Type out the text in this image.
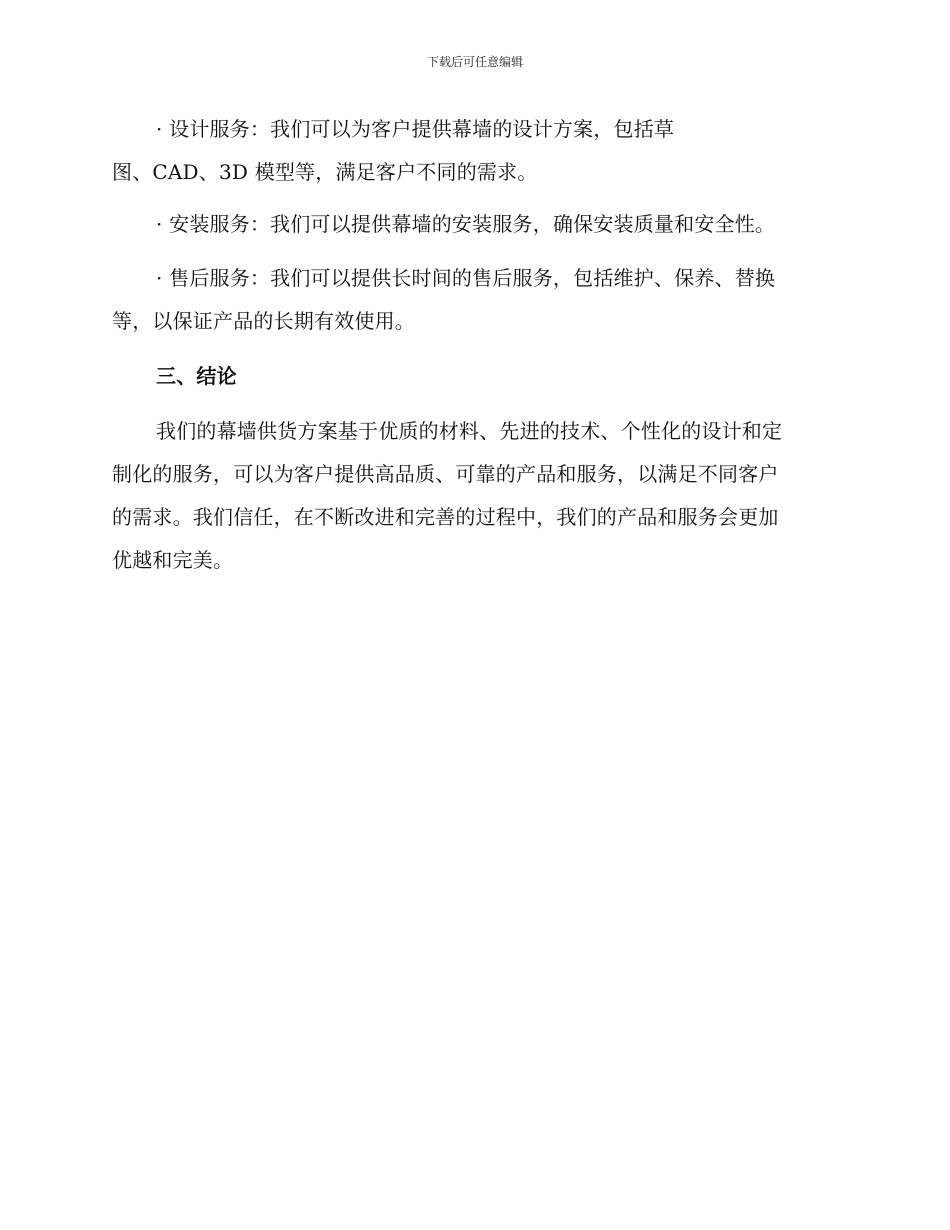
下载后可任意编辑
· 设计服务：我们可以为客户提供幕墙的设计方案，包括草
图、CAD、3D 模型等，满足客户不同的需求。
· 安装服务：我们可以提供幕墙的安装服务，确保安装质量和安全性。
· 售后服务：我们可以提供长时间的售后服务，包括维护、保养、替换
等，以保证产品的长期有效使用。
三、结论
我们的幕墙供货方案基于优质的材料、先进的技术、个性化的设计和定
制化的服务，可以为客户提供高品质、可靠的产品和服务，以满足不同客户
的需求。我们信任，在不断改进和完善的过程中，我们的产品和服务会更加
优越和完美。
